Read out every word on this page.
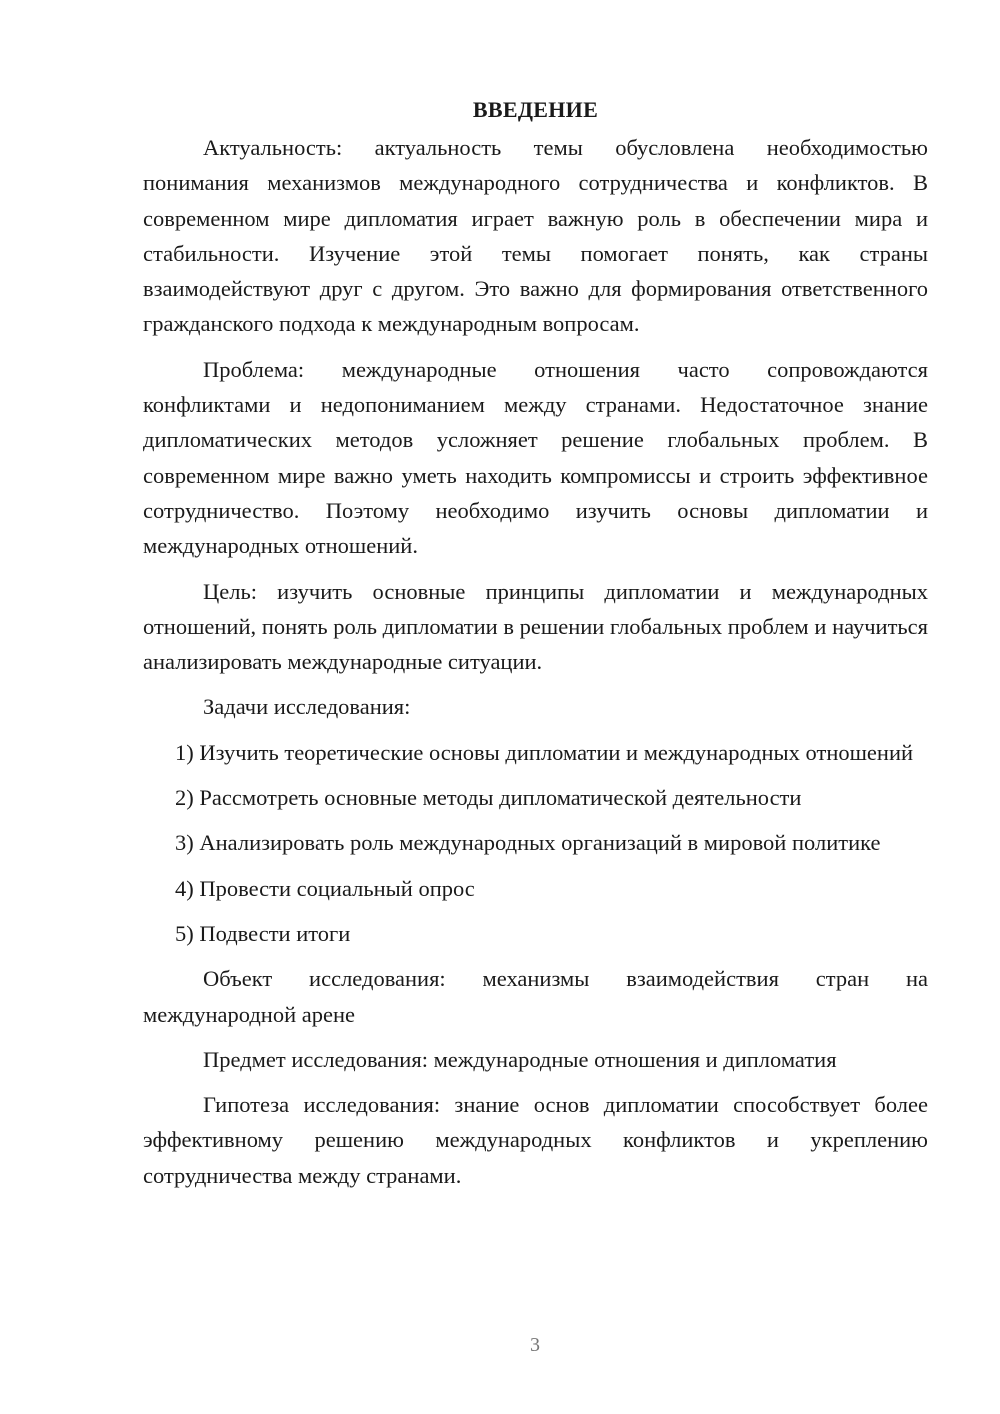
ВВЕДЕНИЕ

Актуальность: актуальность темы обусловлена необходимостью понимания механизмов международного сотрудничества и конфликтов. В современном мире дипломатия играет важную роль в обеспечении мира и стабильности. Изучение этой темы помогает понять, как страны взаимодействуют друг с другом. Это важно для формирования ответственного гражданского подхода к международным вопросам.

Проблема: международные отношения часто сопровождаются конфликтами и недопониманием между странами. Недостаточное знание дипломатических методов усложняет решение глобальных проблем. В современном мире важно уметь находить компромиссы и строить эффективное сотрудничество. Поэтому необходимо изучить основы дипломатии и международных отношений.

Цель: изучить основные принципы дипломатии и международных отношений, понять роль дипломатии в решении глобальных проблем и научиться анализировать международные ситуации.

Задачи исследования:

1) Изучить теоретические основы дипломатии и международных отношений

2) Рассмотреть основные методы дипломатической деятельности

3) Анализировать роль международных организаций в мировой политике

4) Провести социальный опрос

5) Подвести итоги

Объект исследования: механизмы взаимодействия стран на международной арене

Предмет исследования: международные отношения и дипломатия

Гипотеза исследования: знание основ дипломатии способствует более эффективному решению международных конфликтов и укреплению сотрудничества между странами.

3
